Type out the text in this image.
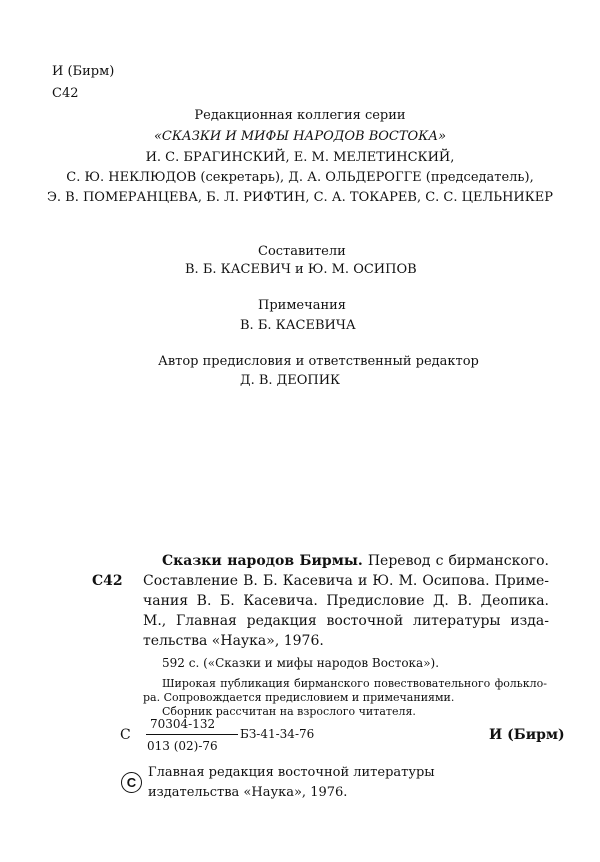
И (Бирм)
С42
Редакционная коллегия серии
«СКАЗКИ И МИФЫ НАРОДОВ ВОСТОКА»
И. С. БРАГИНСКИЙ, Е. М. МЕЛЕТИНСКИЙ,
С. Ю. НЕКЛЮДОВ (секретарь), Д. А. ОЛЬДЕРОГГЕ (председатель),
Э. В. ПОМЕРАНЦЕВА, Б. Л. РИФТИН, С. А. ТОКАРЕВ, С. С. ЦЕЛЬНИКЕР
Составители
В. Б. КАСЕВИЧ и Ю. М. ОСИПОВ
Примечания
В. Б. КАСЕВИЧА
Автор предисловия и ответственный редактор
Д. В. ДЕОПИК
Сказки народов Бирмы. Перевод с бирманского.
С42 Составление В. Б. Касевича и Ю. М. Осипова. Приме-
чания В. Б. Касевича. Предисловие Д. В. Деопика.
М., Главная редакция восточной литературы изда-
тельства «Наука», 1976.
592 с. («Сказки и мифы народов Востока»).
Широкая публикация бирманского повествовательного фолькло-
ра. Сопровождается предисловием и примечаниями.
Сборник рассчитан на взрослого читателя.
С
70304-132
013 (02)-76
БЗ-41-34-76	И (Бирм)
C
Главная редакция восточной литературы
издательства «Наука», 1976.
